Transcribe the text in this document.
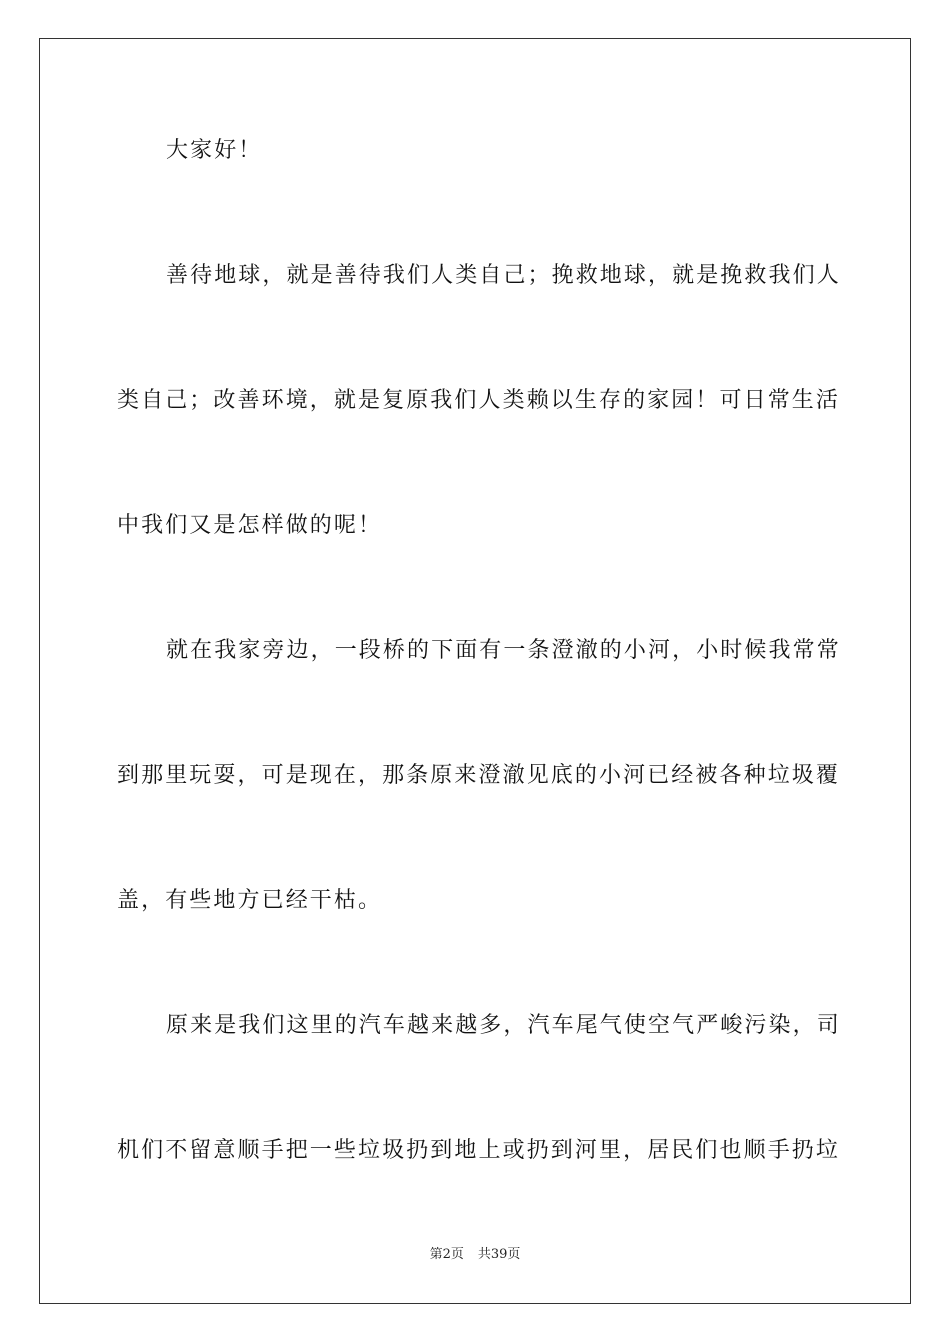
大家好！
善待地球，就是善待我们人类自己；挽救地球，就是挽救我们人
类自己；改善环境，就是复原我们人类赖以生存的家园！可日常生活
中我们又是怎样做的呢！
就在我家旁边，一段桥的下面有一条澄澈的小河，小时候我常常
到那里玩耍，可是现在，那条原来澄澈见底的小河已经被各种垃圾覆
盖，有些地方已经干枯。
原来是我们这里的汽车越来越多，汽车尾气使空气严峻污染，司
机们不留意顺手把一些垃圾扔到地上或扔到河里，居民们也顺手扔垃
第2页 共39页
